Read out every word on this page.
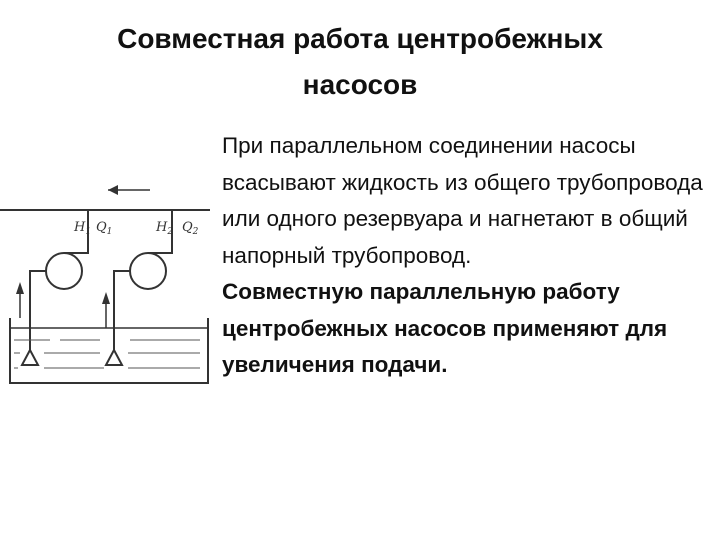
Совместная работа центробежных
насосов
$H_1$ $Q_1$	$H_2$ $Q_2$

При параллельном соединении насосы всасывают жидкость из общего трубопровода или одного резервуара и нагнетают в общий напорный трубопровод.

Совместную параллельную работу центробежных насосов применяют для увеличения подачи.
